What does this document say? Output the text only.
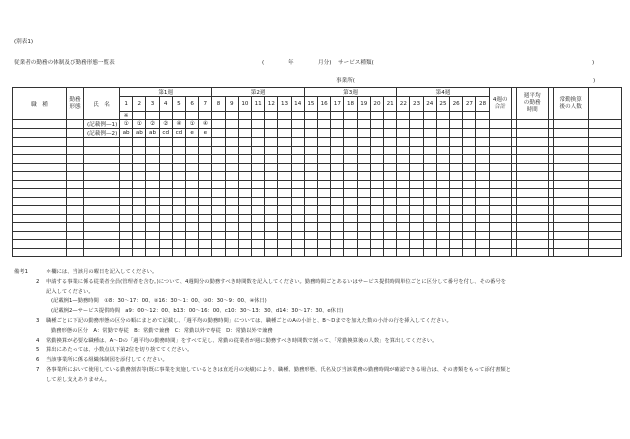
(別表1)
従業者の勤務の体制及び勤務形態一覧表	(	年	月分) サービス種類(	)
事業所(	)
職　種	勤務
形態	氏　名	第1週							第2週							第3週							第4週							4週の
合計		週平均
の勤務
時間		常勤換算
後の人数	

			1	2	3	4	5	6	7	8	9	10	11	12	13	14	15	16	17	18	19	20	21	22	23	24	25	26	27	28						
			※																																	
		(記載例—1)	①	①	②	②	④	①	④																											
		(記載例—2)	ab	ab	ab	cd	cd	e	e																											

備考1	＊欄には、当該月の曜日を記入してください。
2 申請する事業に係る従業者全員(管理者を含む。)について、4週間分の勤務すべき時間数を記入してください。勤務時間ごとあるいはサービス提供時間単位ごとに区分して番号を付し、その番号を
記入してください。
(記載例1—勤務時間　①8：30～17：00、②16：30～1：00、③0：30～9：00、④休日)
(記載例2—サービス提供時間　a9：00～12：00、b13：00～16：00、c10：30～13：30、d14：30～17：30、e休日)
3 職種ごとに下記の勤務形態の区分の順にまとめて記載し、「週平均の勤務時間」については、職種ごとのAの小計と、B～Dまでを加えた数の小計の行を挿入してください。
勤務形態の区分　A：常勤で専従　B：常勤で兼務　C：常勤以外で専従　D：常勤以外で兼務
4 常勤換算が必要な職種は、A～Dの「週平均の勤務時間」をすべて足し、常勤の従業者が週に勤務すべき時間数で割って、「常勤換算後の人数」を算出してください。
5 算出にあたっては、小数点以下第2位を切り捨ててください。
6 当該事業所に係る組織体制図を添付してください。
7 各事業所において使用している勤務割表等(既に事業を実施しているときは直近月の実績)により、職種、勤務形態、氏名及び当該業務の勤務時間が確認できる場合は、その書類をもって添付書類と
して差し支えありません。
